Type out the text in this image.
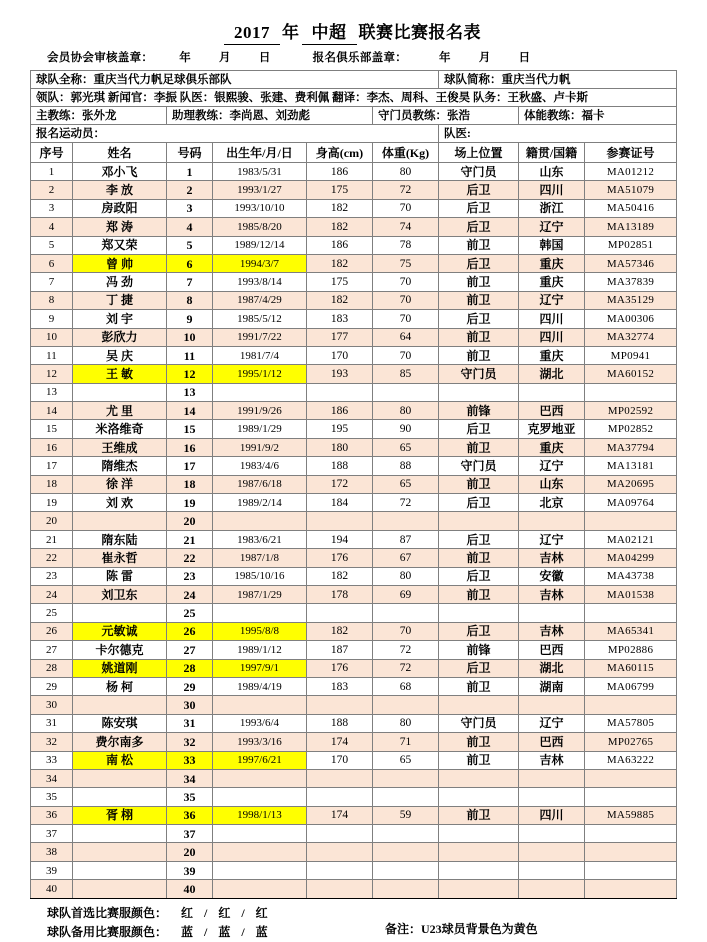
2017 年 中超 联赛比赛报名表
会员协会审核盖章： 年 月 日	报名俱乐部盖章：	年 月 日
球队全称：重庆当代力帆足球俱乐部队						球队简称：重庆当代力帆		
领队：郭光琪 新闻官：李振 队医：银熙骏、张建、费利佩 翻译：李杰、周科、王俊昊 队务：王秋盛、卢卡斯								
主教练：张外龙		助理教练：李尚恩、刘劲彪			守门员教练：张浩		体能教练：福卡	
报名运动员：						队医:		
序号	姓名	号码	出生年/月/日	身高(cm)	体重(Kg)	场上位置	籍贯/国籍	参赛证号
1	邓小飞	1	1983/5/31	186	80	守门员	山东	MA01212
2	李 放	2	1993/1/27	175	72	后卫	四川	MA51079
3	房政阳	3	1993/10/10	182	70	后卫	浙江	MA50416
4	郑 涛	4	1985/8/20	182	74	后卫	辽宁	MA13189
5	郑又荣	5	1989/12/14	186	78	前卫	韩国	MP02851
6	曾 帅	6	1994/3/7	182	75	后卫	重庆	MA57346
7	冯 劲	7	1993/8/14	175	70	前卫	重庆	MA37839
8	丁 捷	8	1987/4/29	182	70	前卫	辽宁	MA35129
9	刘 宇	9	1985/5/12	183	70	后卫	四川	MA00306
10	彭欣力	10	1991/7/22	177	64	前卫	四川	MA32774
11	吴 庆	11	1981/7/4	170	70	前卫	重庆	MP0941
12	王 敏	12	1995/1/12	193	85	守门员	湖北	MA60152
13		13						
14	尤 里	14	1991/9/26	186	80	前锋	巴西	MP02592
15	米洛维奇	15	1989/1/29	195	90	后卫	克罗地亚	MP02852
16	王维成	16	1991/9/2	180	65	前卫	重庆	MA37794
17	隋维杰	17	1983/4/6	188	88	守门员	辽宁	MA13181
18	徐 洋	18	1987/6/18	172	65	前卫	山东	MA20695
19	刘 欢	19	1989/2/14	184	72	后卫	北京	MA09764
20		20						
21	隋东陆	21	1983/6/21	194	87	后卫	辽宁	MA02121
22	崔永哲	22	1987/1/8	176	67	前卫	吉林	MA04299
23	陈 雷	23	1985/10/16	182	80	后卫	安徽	MA43738
24	刘卫东	24	1987/1/29	178	69	前卫	吉林	MA01538
25		25						
26	元敏诚	26	1995/8/8	182	70	后卫	吉林	MA65341
27	卡尔德克	27	1989/1/12	187	72	前锋	巴西	MP02886
28	姚道刚	28	1997/9/1	176	72	后卫	湖北	MA60115
29	杨 柯	29	1989/4/19	183	68	前卫	湖南	MA06799
30		30						
31	陈安琪	31	1993/6/4	188	80	守门员	辽宁	MA57805
32	费尔南多	32	1993/3/16	174	71	前卫	巴西	MP02765
33	南 松	33	1997/6/21	170	65	前卫	吉林	MA63222
34		34						
35		35						
36	胥 栩	36	1998/1/13	174	59	前卫	四川	MA59885
37		37						
38		20						
39		39						
40		40						
球队首选比赛服颜色： 红 / 红 / 红
球队备用比赛服颜色： 蓝 / 蓝 / 蓝	备注：U23球员背景色为黄色
